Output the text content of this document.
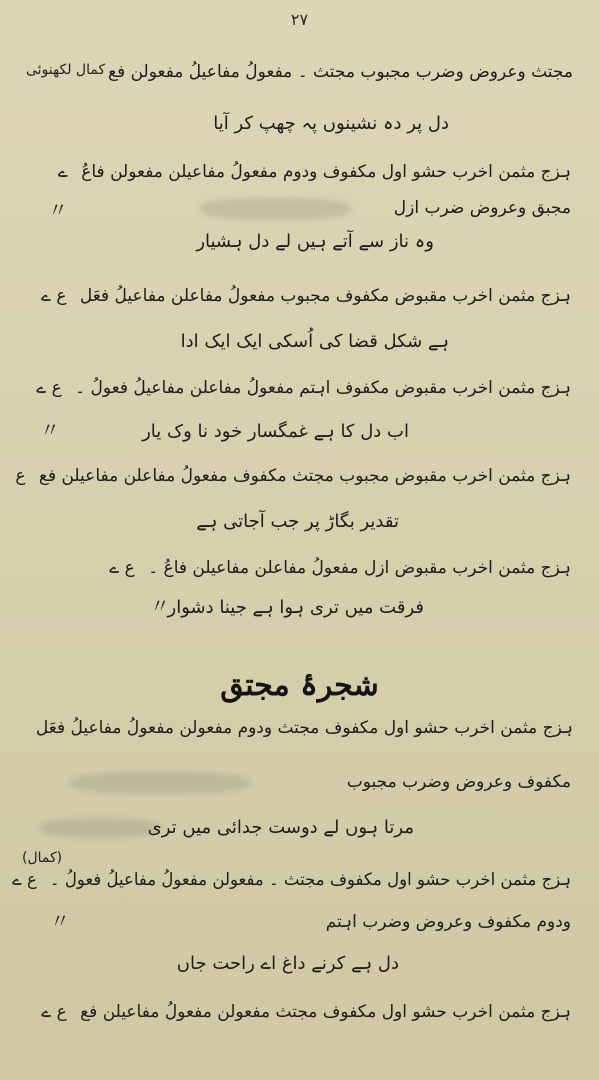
۲۷
مجتث وعروض وضرب مجبوب مجتث ۔ مفعولُ مفاعیلُ مفعولن فع
کمال لکھنوئی
دل پر دہ نشینوں پہ چھپ کر آیا
ہزج مثمن اخرب حشو اول مکفوف ودوم مفعولُ مفاعیلن مفعولن فاعُ ے
مجبق وعروض ضرب ازل
〃
وہ ناز سے آتے ہیں لے دل ہشیار
ہزج مثمن اخرب مقبوض مکفوف مجبوب مفعولُ مفاعلن مفاعیلُ فعَل ع ے
ہے شکل قضا کی اُسکی ایک ایک ادا
ہزج مثمن اخرب مقبوض مکفوف اہتم مفعولُ مفاعلن مفاعیلُ فعولُ ۔ ع ے
〃	اب دل کا ہے غمگسار خود نا وک یار
ہزج مثمن اخرب مقبوض مجبوب مجتث مکفوف مفعولُ مفاعلن مفاعیلن فع ع
تقدیر بگاڑ پر جب آجاتی ہے
ہزج مثمن اخرب مقبوض ازل مفعولُ مفاعلن مفاعیلن فاعُ ۔ ع ے
〃
فرقت میں تری ہوا ہے جینا دشوار
شجرۂ مجتق
ہزج مثمن اخرب حشو اول مکفوف مجتث ودوم مفعولن مفعولُ مفاعیلُ فعَل
مکفوف وعروض وضرب مجبوب
مرتا ہوں لے دوست جدائی میں تری
(کمال)
ہزج مثمن اخرب حشو اول مکفوف مجتث ۔ مفعولن مفعولُ مفاعیلُ فعولُ ۔ ع ے
〃	ودوم مکفوف وعروض وضرب اہتم
دل ہے کرنے داغ اے راحت جاں
ہزج مثمن اخرب حشو اول مکفوف مجتث مفعولن مفعولُ مفاعیلن فع ع ے
